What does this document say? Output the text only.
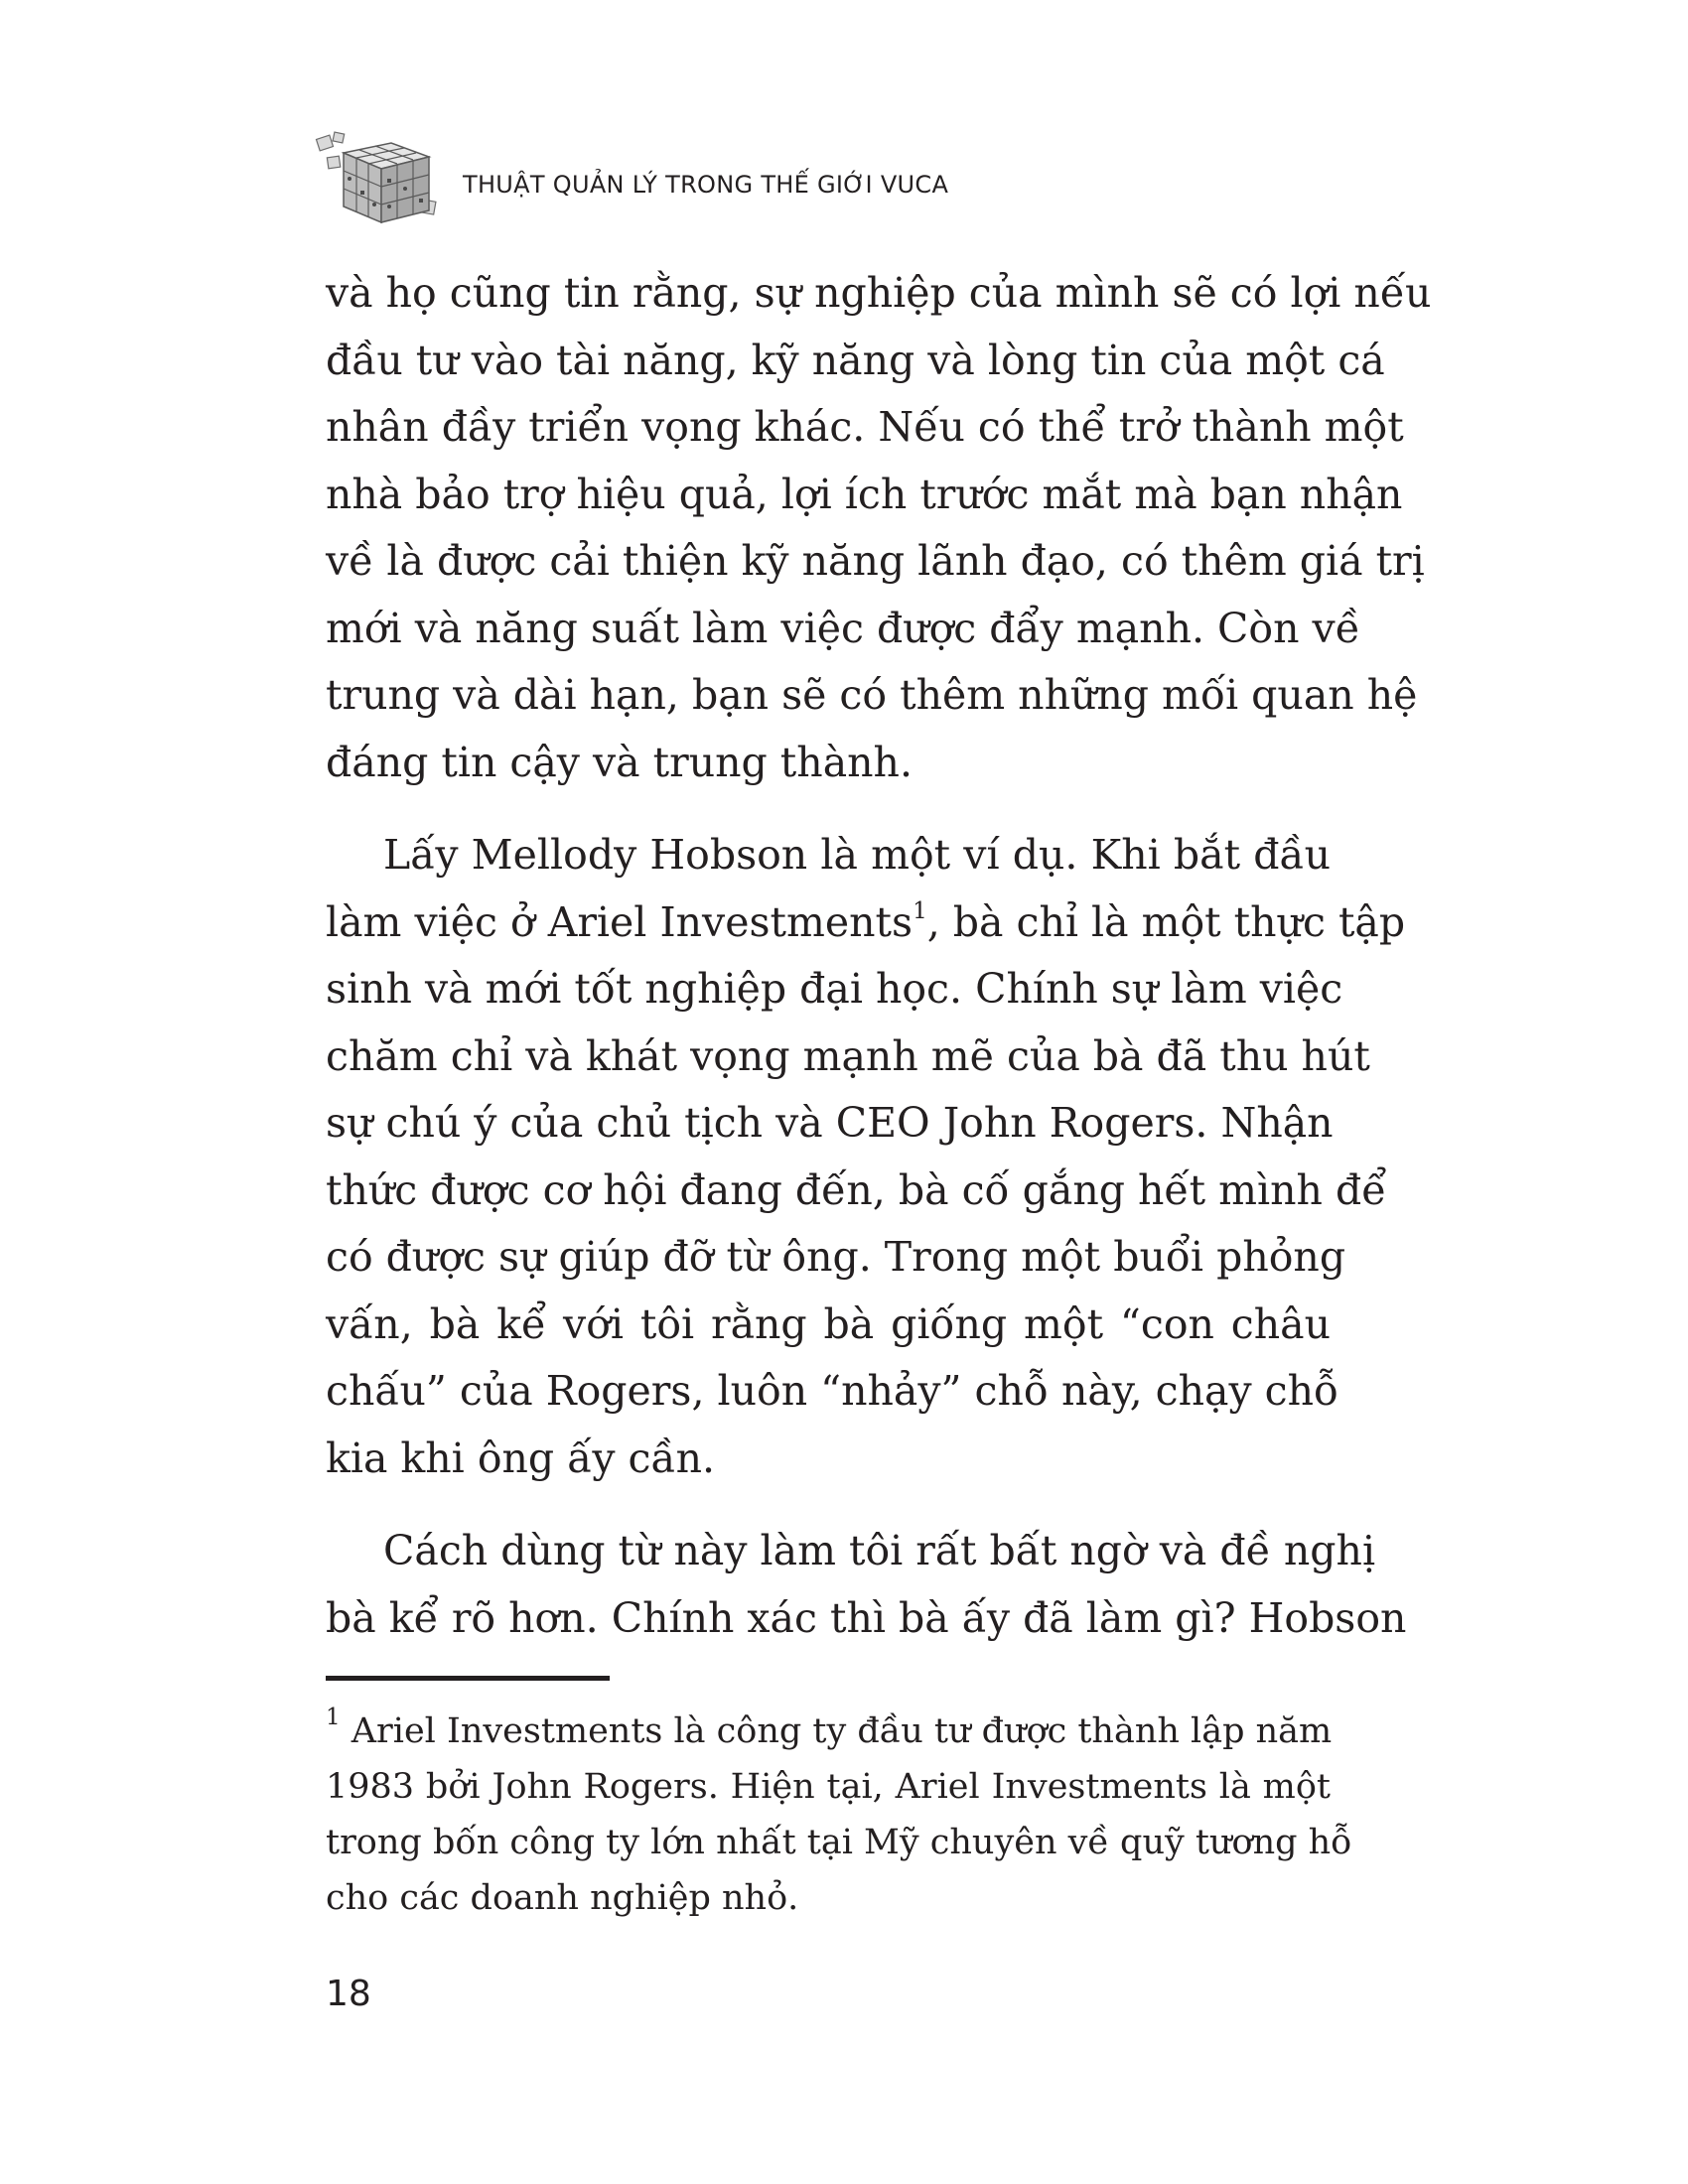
THUẬT QUẢN LÝ TRONG THẾ GIỚI VUCA

và họ cũng tin rằng, sự nghiệp của mình sẽ có lợi nếu
đầu tư vào tài năng, kỹ năng và lòng tin của một cá
nhân đầy triển vọng khác. Nếu có thể trở thành một
nhà bảo trợ hiệu quả, lợi ích trước mắt mà bạn nhận
về là được cải thiện kỹ năng lãnh đạo, có thêm giá trị
mới và năng suất làm việc được đẩy mạnh. Còn về
trung và dài hạn, bạn sẽ có thêm những mối quan hệ
đáng tin cậy và trung thành.

Lấy Mellody Hobson là một ví dụ. Khi bắt đầu
làm việc ở Ariel Investments$^1$, bà chỉ là một thực tập
sinh và mới tốt nghiệp đại học. Chính sự làm việc
chăm chỉ và khát vọng mạnh mẽ của bà đã thu hút
sự chú ý của chủ tịch và CEO John Rogers. Nhận
thức được cơ hội đang đến, bà cố gắng hết mình để
có được sự giúp đỡ từ ông. Trong một buổi phỏng
vấn, bà kể với tôi rằng bà giống một “con châu
chấu” của Rogers, luôn “nhảy” chỗ này, chạy chỗ
kia khi ông ấy cần.

Cách dùng từ này làm tôi rất bất ngờ và đề nghị
bà kể rõ hơn. Chính xác thì bà ấy đã làm gì? Hobson

$^1$ Ariel Investments là công ty đầu tư được thành lập năm
1983 bởi John Rogers. Hiện tại, Ariel Investments là một
trong bốn công ty lớn nhất tại Mỹ chuyên về quỹ tương hỗ
cho các doanh nghiệp nhỏ.
18
